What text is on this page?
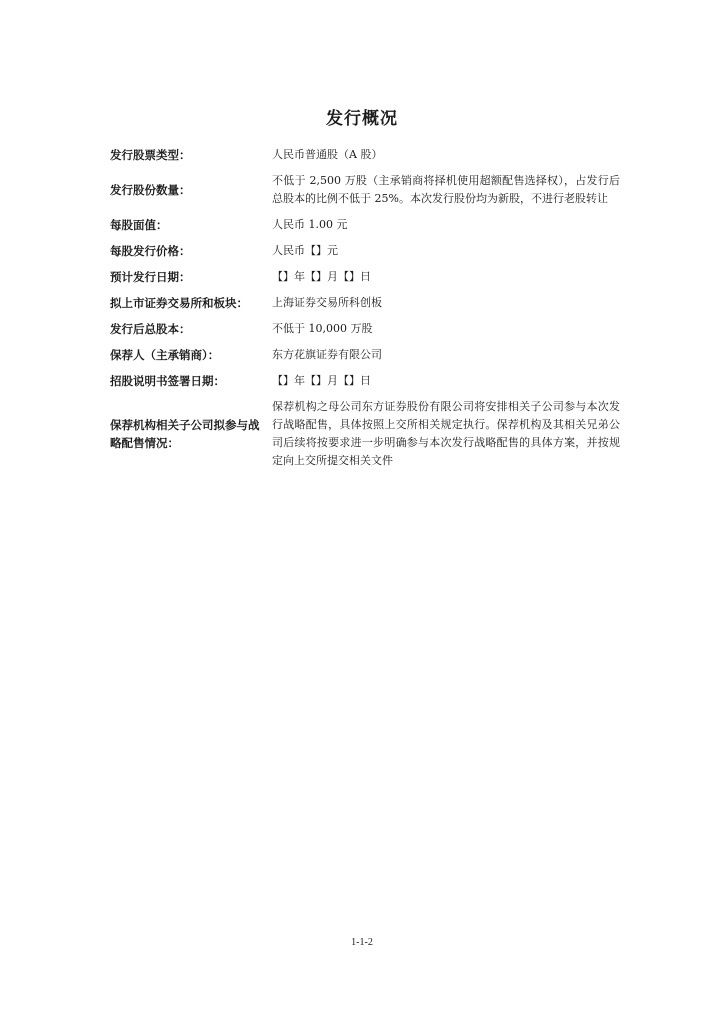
发行概况
发行股票类型：	人民币普通股（A 股）
发行股份数量：
不低于 2,500 万股（主承销商将择机使用超额配售选择权），占发行后总股本的比例不低于 25%。本次发行股份均为新股，不进行老股转让
每股面值：	人民币 1.00 元
每股发行价格：	人民币【】元
预计发行日期：	【】年【】月【】日
拟上市证券交易所和板块：	上海证券交易所科创板
发行后总股本：	不低于 10,000 万股
保荐人（主承销商）：	东方花旗证券有限公司
招股说明书签署日期：	【】年【】月【】日
保荐机构相关子公司拟参与战略配售情况：
保荐机构之母公司东方证券股份有限公司将安排相关子公司参与本次发行战略配售，具体按照上交所相关规定执行。保荐机构及其相关兄弟公司后续将按要求进一步明确参与本次发行战略配售的具体方案，并按规定向上交所提交相关文件
1-1-2
